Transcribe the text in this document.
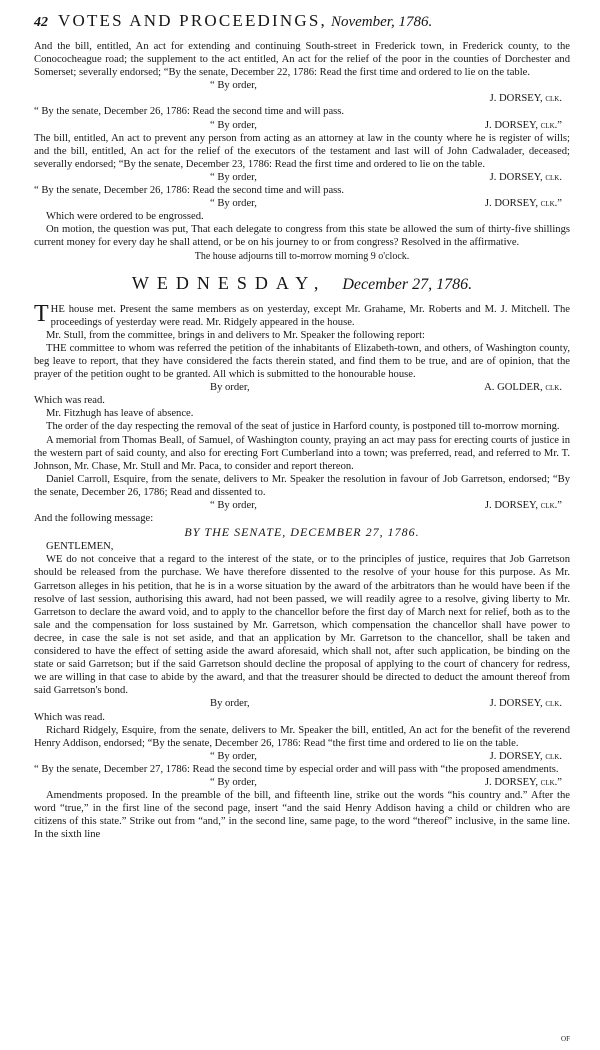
42 VOTES AND PROCEEDINGS, November, 1786.

And the bill, entitled, An act for extending and continuing South-street in Frederick town, in Frederick county, to the Conococheague road; the supplement to the act entitled, An act for the relief of the poor in the counties of Dorchester and Somerset; severally endorsed; “By the senate, December 22, 1786: Read the first time and ordered to lie on the table.

“ By order,
J. DORSEY, clk.

“ By the senate, December 26, 1786: Read the second time and will pass.

“ By order,	J. DORSEY, clk.”

The bill, entitled, An act to prevent any person from acting as an attorney at law in the county where he is register of wills; and the bill, entitled, An act for the relief of the executors of the testament and last will of John Cadwalader, deceased; severally endorsed; “By the senate, December 23, 1786: Read the first time and ordered to lie on the table.

“ By order,	J. DORSEY, clk.

“ By the senate, December 26, 1786: Read the second time and will pass.

“ By order,	J. DORSEY, clk.”

Which were ordered to be engrossed.

On motion, the question was put, That each delegate to congress from this state be allowed the sum of thirty-five shillings current money for every day he shall attend, or be on his journey to or from congress? Resolved in the affirmative.

The house adjourns till to-morrow morning 9 o'clock.
WEDNESDAY, December 27, 1786.

THE house met. Present the same members as on yesterday, except Mr. Grahame, Mr. Roberts and M. J. Mitchell. The proceedings of yesterday were read. Mr. Ridgely appeared in the house.

Mr. Stull, from the committee, brings in and delivers to Mr. Speaker the following report:

THE committee to whom was referred the petition of the inhabitants of Elizabeth-town, and others, of Washington county, beg leave to report, that they have considered the facts therein stated, and find them to be true, and are of opinion, that the prayer of the petition ought to be granted. All which is submitted to the honourable house.

By order,	A. GOLDER, clk.

Which was read.

Mr. Fitzhugh has leave of absence.

The order of the day respecting the removal of the seat of justice in Harford county, is postponed till to-morrow morning.

A memorial from Thomas Beall, of Samuel, of Washington county, praying an act may pass for erecting courts of justice in the western part of said county, and also for erecting Fort Cumberland into a town; was preferred, read, and referred to Mr. T. Johnson, Mr. Chase, Mr. Stull and Mr. Paca, to consider and report thereon.

Daniel Carroll, Esquire, from the senate, delivers to Mr. Speaker the resolution in favour of Job Garretson, endorsed; “By the senate, December 26, 1786; Read and dissented to.

“ By order,	J. DORSEY, clk.”

And the following message:

BY THE SENATE, DECEMBER 27, 1786.
GENTLEMEN,

WE do not conceive that a regard to the interest of the state, or to the principles of justice, requires that Job Garretson should be released from the purchase. We have therefore dissented to the resolve of your house for this purpose. As Mr. Garretson alleges in his petition, that he is in a worse situation by the award of the arbitrators than he would have been if the resolve of last session, authorising this award, had not been passed, we will readily agree to a resolve, giving liberty to Mr. Garretson to declare the award void, and to apply to the chancellor before the first day of March next for relief, both as to the sale and the compensation for loss sustained by Mr. Garretson, which compensation the chancellor shall have power to decree, in case the sale is not set aside, and that an application by Mr. Garretson to the chancellor, shall be taken and considered to have the effect of setting aside the award aforesaid, which shall not, after such application, be binding on the state or said Garretson; but if the said Garretson should decline the proposal of applying to the court of chancery for redress, we are willing in that case to abide by the award, and that the treasurer should be directed to deduct the amount thereof from said Garretson's bond.

By order,	J. DORSEY, clk.

Which was read.

Richard Ridgely, Esquire, from the senate, delivers to Mr. Speaker the bill, entitled, An act for the benefit of the reverend Henry Addison, endorsed; “By the senate, December 26, 1786: Read “the first time and ordered to lie on the table.

“ By order,	J. DORSEY, clk.

“ By the senate, December 27, 1786: Read the second time by especial order and will pass with “the proposed amendments.

“ By order,	J. DORSEY, clk.”

Amendments proposed. In the preamble of the bill, and fifteenth line, strike out the words “his country and.” After the word “true,” in the first line of the second page, insert “and the said Henry Addison having a child or children who are citizens of this state.” Strike out from “and,” in the second line, same page, to the word “thereof” inclusive, in the same line. In the sixth line

of
